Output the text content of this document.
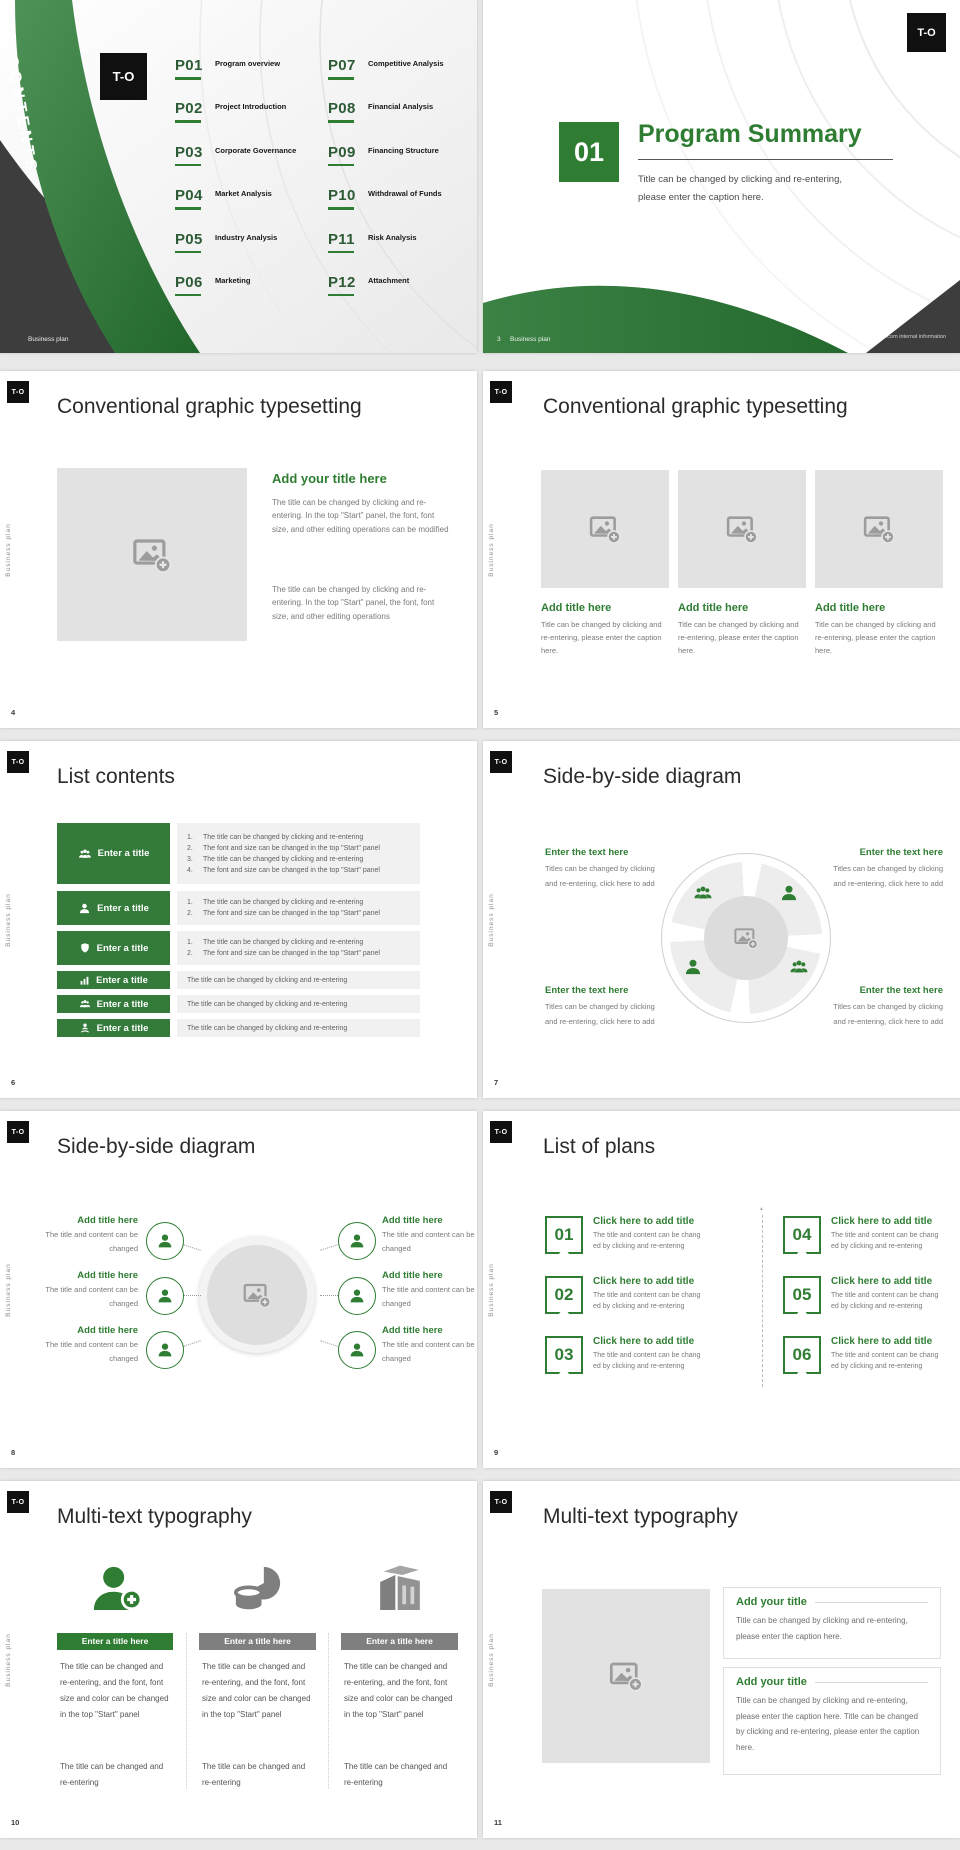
CONTENTS	T-O
P01	Program overview
P02	Project Introduction
P03	Corporate Governance
P04	Market Analysis
P05	Industry Analysis
P06	Marketing
P07	Competitive Analysis
P08	Financial Analysis
P09	Financing Structure
P10	Withdrawal of Funds
P11	Risk Analysis
P12	Attachment
Business plan
T-O
01
Program Summary
Title can be changed by clicking and re-entering, please enter the caption here.
3 Business plan	www.colagogo.com internal information
T-O
Business plan
Conventional graphic typesetting
Add your title here
The title can be changed by clicking and re-entering. In the top "Start" panel, the font, font size, and other editing operations can be modified
The title can be changed by clicking and re-entering. In the top "Start" panel, the font, font size, and other editing operations
4
T-O
Business plan
Conventional graphic typesetting
Add title here	Add title here	Add title here
Title can be changed by clicking and re-entering, please enter the caption here.
Title can be changed by clicking and re-entering, please enter the caption here.
Title can be changed by clicking and re-entering, please enter the caption here.
5
T-O
Business plan
List contents
Enter a title
1.	The title can be changed by clicking and re-entering
2.	The font and size can be changed in the top "Start" panel
3.	The title can be changed by clicking and re-entering
4.	The font and size can be changed in the top "Start" panel
Enter a title	1.	The title can be changed by clicking and re-entering
2.	The font and size can be changed in the top "Start" panel
Enter a title	1.	The title can be changed by clicking and re-entering
2.	The font and size can be changed in the top "Start" panel
Enter a title	The title can be changed by clicking and re-entering
Enter a title	The title can be changed by clicking and re-entering
Enter a title	The title can be changed by clicking and re-entering
6
T-O
Business plan
Side-by-side diagram
Enter the text here
Titles can be changed by clicking and re-entering, click here to add
Enter the text here
Titles can be changed by clicking and re-entering, click here to add
Enter the text here
Titles can be changed by clicking and re-entering, click here to add
Enter the text here
Titles can be changed by clicking and re-entering, click here to add
7
T-O
Business plan
Side-by-side diagram
Add title here
The title and content can be changed
Add title here
The title and content can be changed
Add title here
The title and content can be changed
Add title here
The title and content can be changed
Add title here
The title and content can be changed
Add title here
The title and content can be changed
8
T-O
Business plan
List of plans
01
Click here to add title
The title and content can be chang
ed by clicking and re-entering
02
Click here to add title
The title and content can be chang
ed by clicking and re-entering
03
Click here to add title
The title and content can be chang
ed by clicking and re-entering
▲
04
Click here to add title
The title and content can be chang
ed by clicking and re-entering
05
Click here to add title
The title and content can be chang
ed by clicking and re-entering
06
Click here to add title
The title and content can be chang
ed by clicking and re-entering
9
T-O
Business plan
Multi-text typography
Enter a title here	Enter a title here	Enter a title here
The title can be changed and re-entering, and the font, font size and color can be changed in the top "Start" panel
The title can be changed and re-entering, and the font, font size and color can be changed in the top "Start" panel
The title can be changed and re-entering, and the font, font size and color can be changed in the top "Start" panel
The title can be changed and re-entering
The title can be changed and re-entering
The title can be changed and re-entering
10
T-O
Business plan
Multi-text typography
Add your title
Title can be changed by clicking and re-entering, please enter the caption here.
Add your title
Title can be changed by clicking and re-entering, please enter the caption here. Title can be changed by clicking and re-entering, please enter the caption here.
11
